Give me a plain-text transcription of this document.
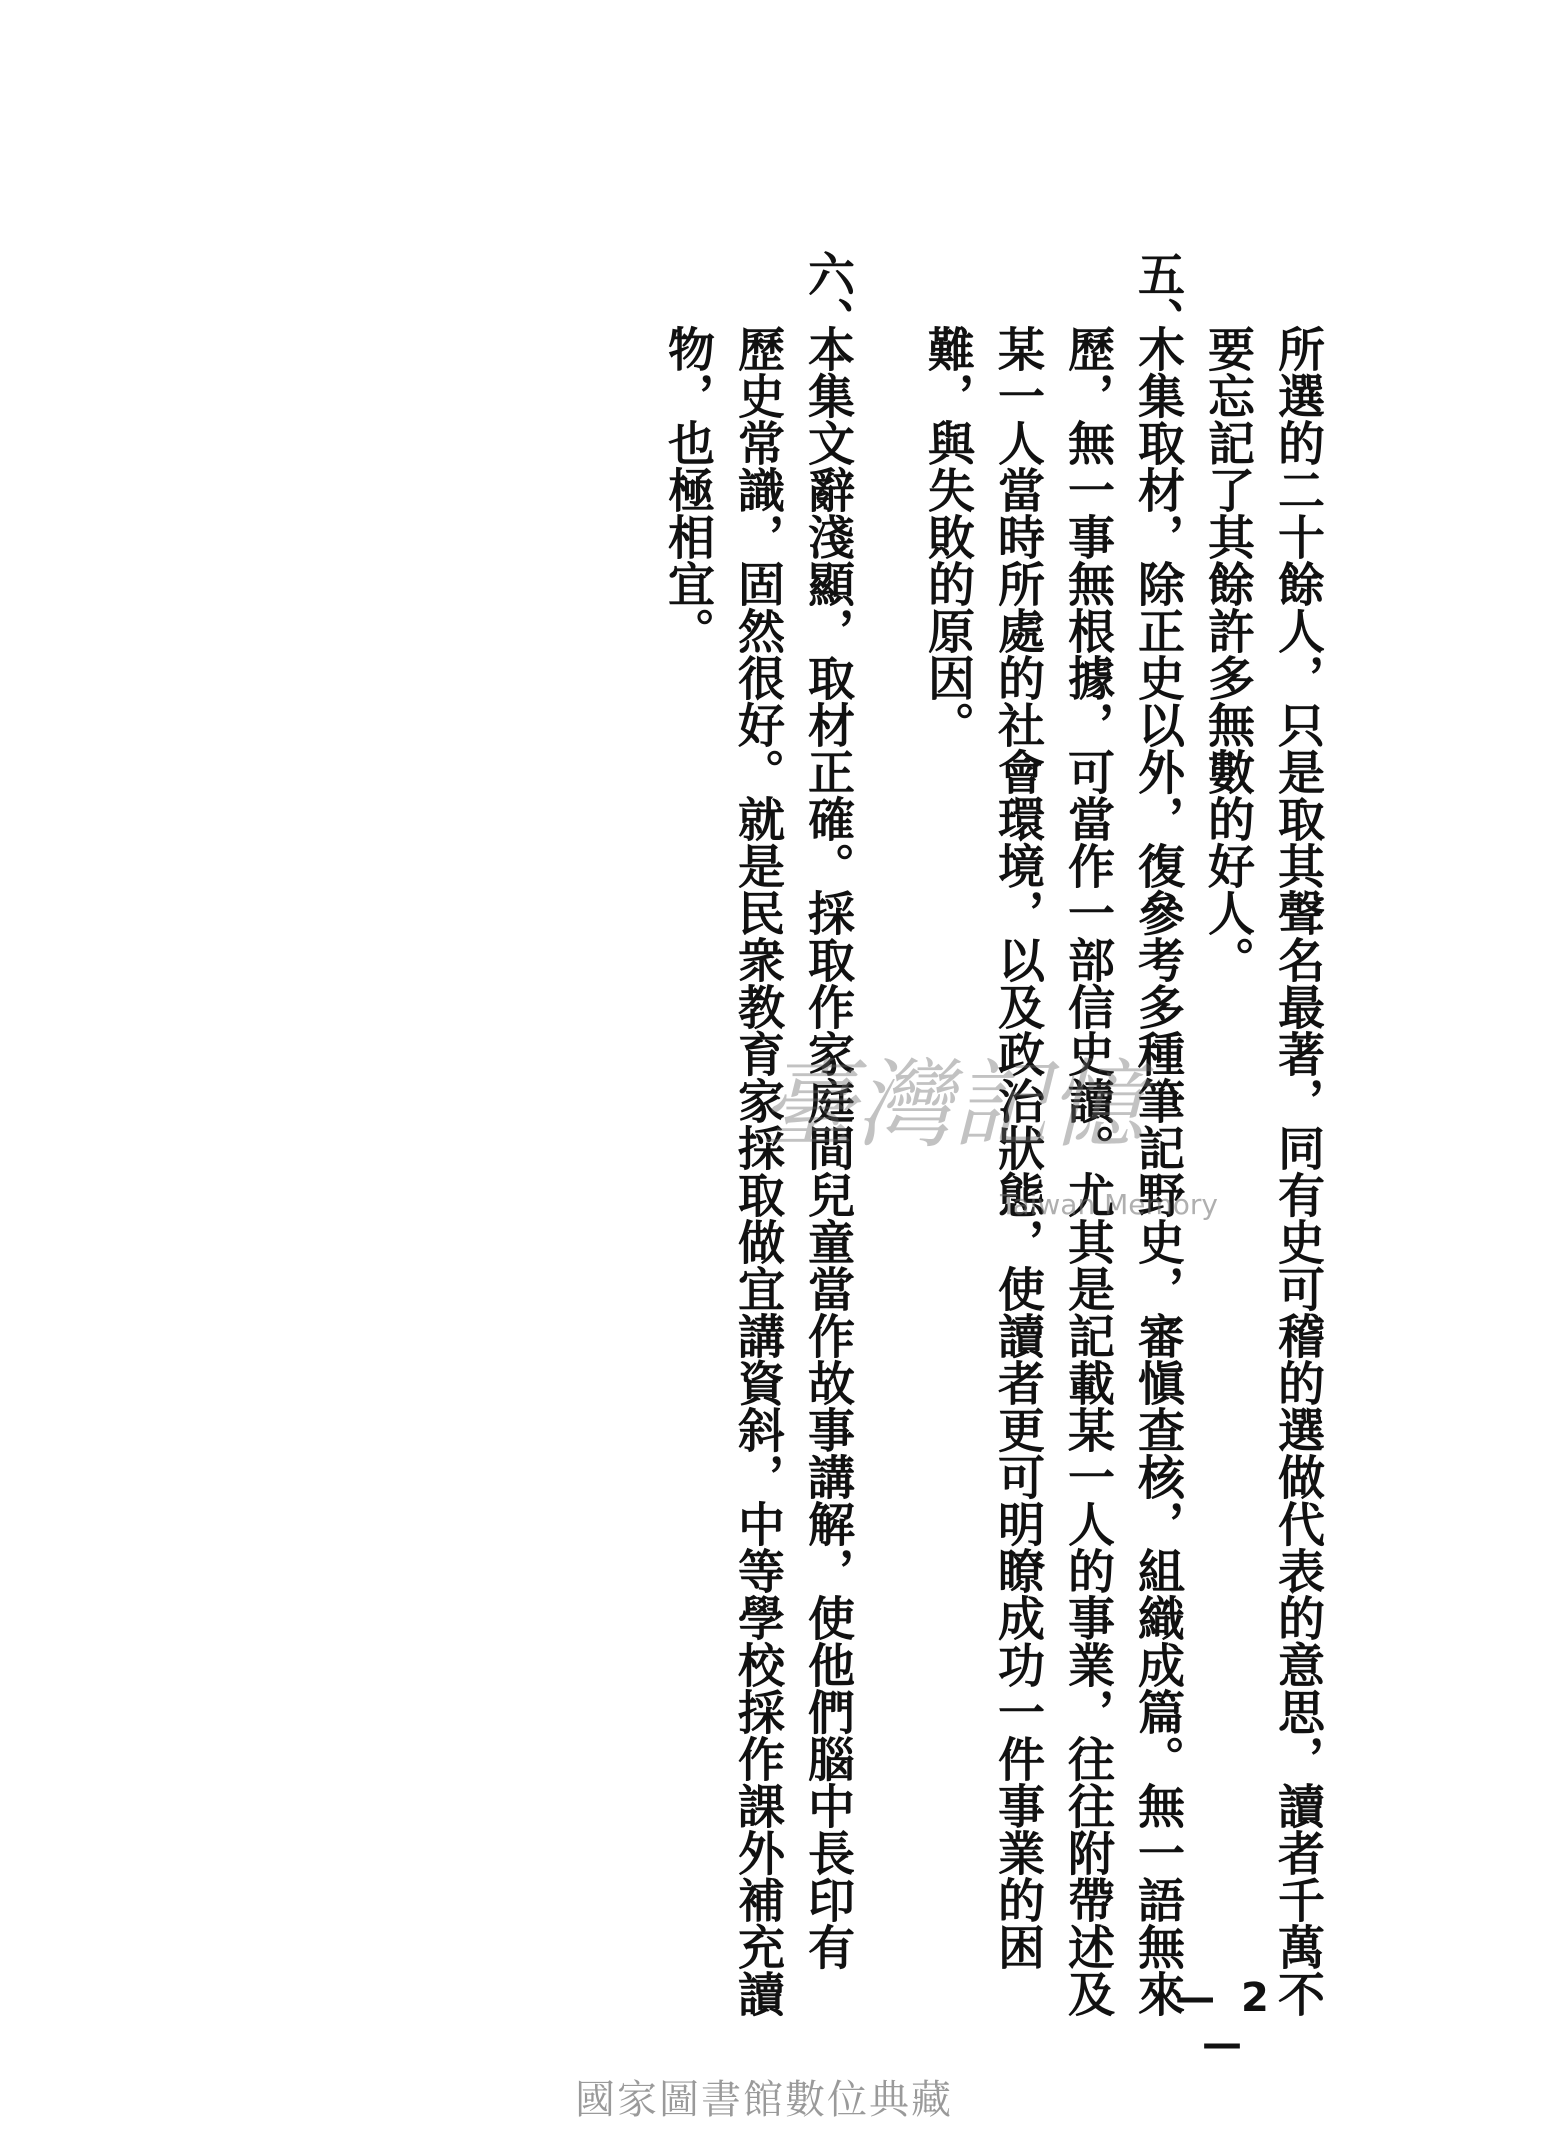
所選的二十餘人，只是取其聲名最著，同有史可稽的選做代表的意思，讀者千萬不
要忘記了其餘許多無數的好人。
五、
木集取材，除正史以外，復參考多種筆記野史，審愼查核，組織成篇。無一語無來
歷，無一事無根據，可當作一部信史讀。尤其是記載某一人的事業，往往附帶述及
某一人當時所處的社會環境，以及政治狀態，使讀者更可明瞭成功一件事業的困
難，與失敗的原因。
六、
本集文辭淺顯，取材正確。採取作家庭間兒童當作故事講解，使他們腦中長印有
歷史常識，固然很好。就是民衆教育家採取做宜講資斜，中等學校採作課外補充讀
物，也極相宜。
— 2 —
臺灣記憶
Taiwan Memory
國家圖書館數位典藏
